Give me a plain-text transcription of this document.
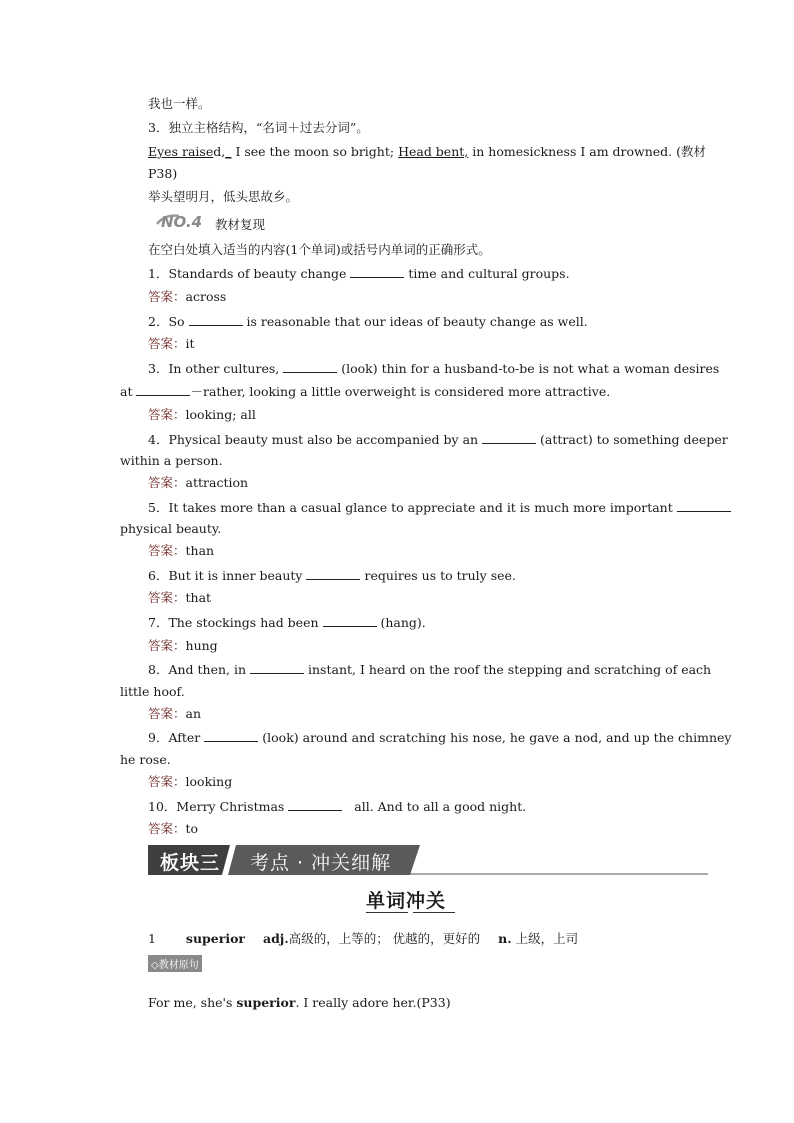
我也一样。
3．独立主格结构，“名词＋过去分词”。
Eyes raised,_ I see the moon so bright; Head bent, in homesickness I am drowned. (教材
P38)
举头望明月，低头思故乡。
NO.4 教材复现
在空白处填入适当的内容(1个单词)或括号内单词的正确形式。
1．Standards of beauty change	time and cultural groups.
答案：across
2．So	is reasonable that our ideas of beauty change as well.
答案：it
3．In other cultures,	(look) thin for a husband-to-be is not what a woman desires
at	－rather, looking a little overweight is considered more attractive.
答案：looking; all
4．Physical beauty must also be accompanied by an	(attract) to something deeper
within a person.
答案：attraction
5．It takes more than a casual glance to appreciate and it is much more important
physical beauty.
答案：than
6．But it is inner beauty	requires us to truly see.
答案：that
7．The stockings had been	(hang)．
答案：hung
8．And then, in	instant, I heard on the roof the stepping and scratching of each
little hoof.
答案：an
9．After	(look) around and scratching his nose, he gave a nod, and up the chimney
he rose.
答案：looking
10．Merry Christmas	all. And to all a good night.
答案：to
板块三 考点 · 冲关细解
单词冲关
1 superior adj.高级的，上等的； 优越的，更好的 n. 上级，上司
◇教材原句
For me, she's superior. I really adore her.(P33)
